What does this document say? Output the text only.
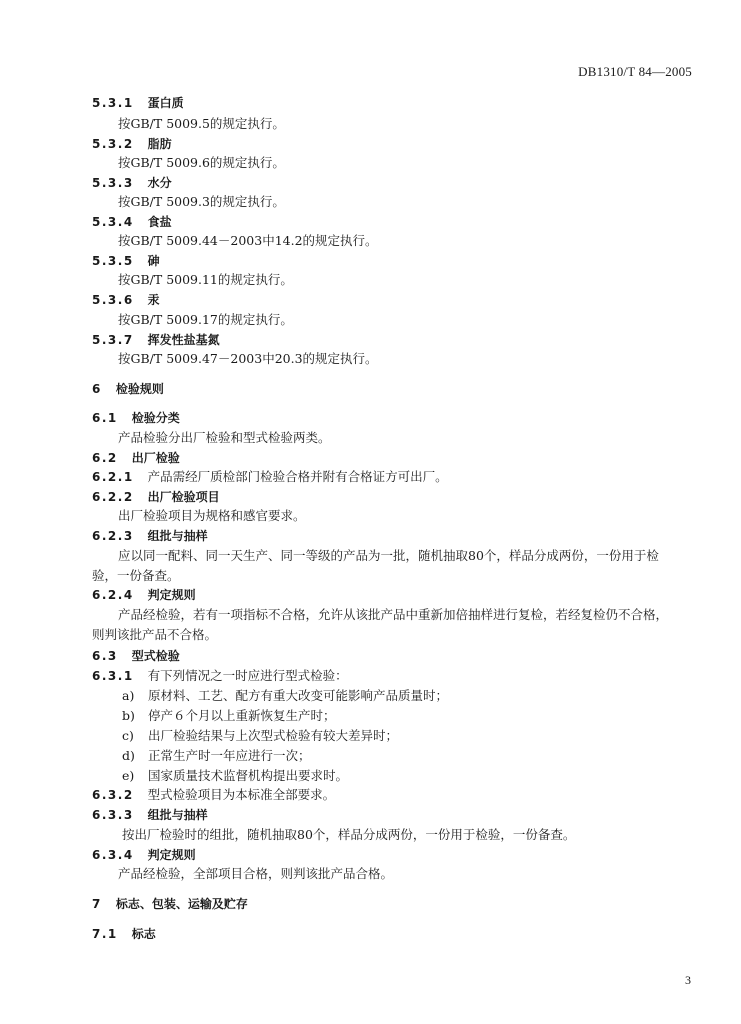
DB1310/T 84—2005
5.3.1 蛋白质
按GB/T 5009.5的规定执行。
5.3.2 脂肪
按GB/T 5009.6的规定执行。
5.3.3 水分
按GB/T 5009.3的规定执行。
5.3.4 食盐
按GB/T 5009.44－2003中14.2的规定执行。
5.3.5 砷
按GB/T 5009.11的规定执行。
5.3.6 汞
按GB/T 5009.17的规定执行。
5.3.7 挥发性盐基氮
按GB/T 5009.47－2003中20.3的规定执行。
6 检验规则
6.1 检验分类
产品检验分出厂检验和型式检验两类。
6.2 出厂检验
6.2.1 产品需经厂质检部门检验合格并附有合格证方可出厂。
6.2.2 出厂检验项目
出厂检验项目为规格和感官要求。
6.2.3 组批与抽样
应以同一配料、同一天生产、同一等级的产品为一批，随机抽取80个，样品分成两份，一份用于检
验，一份备查。
6.2.4 判定规则
产品经检验，若有一项指标不合格，允许从该批产品中重新加倍抽样进行复检，若经复检仍不合格，
则判该批产品不合格。
6.3 型式检验
6.3.1 有下列情况之一时应进行型式检验：
a) 原材料、工艺、配方有重大改变可能影响产品质量时；
b) 停产６个月以上重新恢复生产时；
c) 出厂检验结果与上次型式检验有较大差异时；
d) 正常生产时一年应进行一次；
e) 国家质量技术监督机构提出要求时。
6.3.2 型式检验项目为本标准全部要求。
6.3.3 组批与抽样
按出厂检验时的组批，随机抽取80个，样品分成两份，一份用于检验，一份备查。
6.3.4 判定规则
产品经检验，全部项目合格，则判该批产品合格。
7 标志、包装、运输及贮存
7.1 标志
3
